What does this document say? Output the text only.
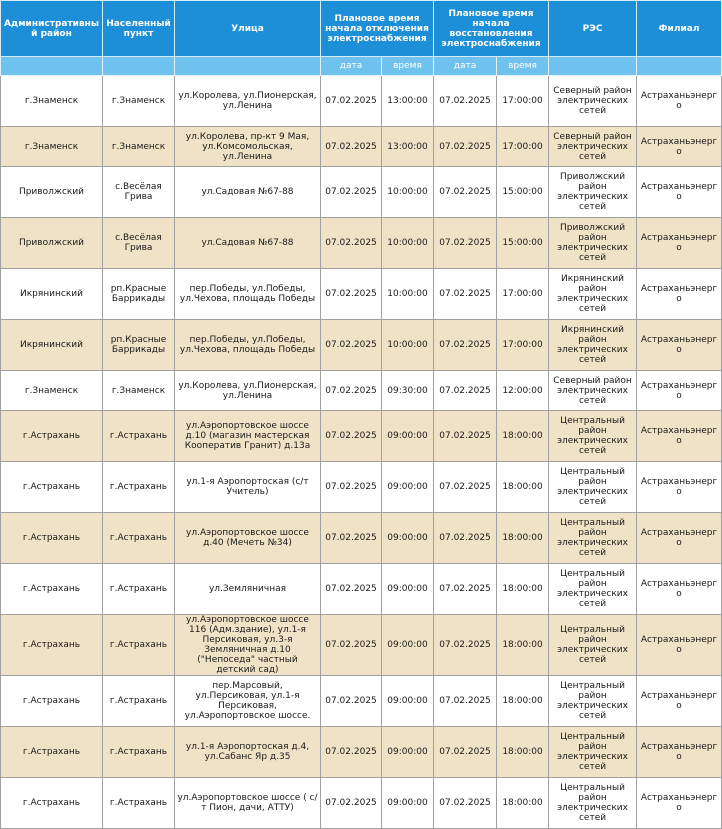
Административный район	Населенный пункт	Улица	Плановое время начала отключения электроснабжения		Плановое время начала восстановления электроснабжения		РЭС	Филиал
			дата	время	дата	время		
г.Знаменск	г.Знаменск	ул.Королева, ул.Пионерская, ул.Ленина	07.02.2025	13:00:00	07.02.2025	17:00:00	Северный район электрических сетей	Астраханьэнерго
г.Знаменск	г.Знаменск	ул.Королева, пр-кт 9 Мая, ул.Комсомольская, ул.Ленина	07.02.2025	13:00:00	07.02.2025	17:00:00	Северный район электрических сетей	Астраханьэнерго
Приволжский	с.Весёлая Грива	ул.Садовая №67-88	07.02.2025	10:00:00	07.02.2025	15:00:00	Приволжский район электрических сетей	Астраханьэнерго
Приволжский	с.Весёлая Грива	ул.Садовая №67-88	07.02.2025	10:00:00	07.02.2025	15:00:00	Приволжский район электрических сетей	Астраханьэнерго
Икрянинский	рп.Красные Баррикады	пер.Победы, ул.Победы, ул.Чехова, площадь Победы	07.02.2025	10:00:00	07.02.2025	17:00:00	Икрянинский район электрических сетей	Астраханьэнерго
Икрянинский	рп.Красные Баррикады	пер.Победы, ул.Победы, ул.Чехова, площадь Победы	07.02.2025	10:00:00	07.02.2025	17:00:00	Икрянинский район электрических сетей	Астраханьэнерго
г.Знаменск	г.Знаменск	ул.Королева, ул.Пионерская, ул.Ленина	07.02.2025	09:30:00	07.02.2025	12:00:00	Северный район электрических сетей	Астраханьэнерго
г.Астрахань	г.Астрахань	ул.Аэропортовское шоссе д.10 (магазин мастерская Кооператив Гранит) д.13а	07.02.2025	09:00:00	07.02.2025	18:00:00	Центральный район электрических сетей	Астраханьэнерго
г.Астрахань	г.Астрахань	ул.1-я Аэропортоская (с/т Учитель)	07.02.2025	09:00:00	07.02.2025	18:00:00	Центральный район электрических сетей	Астраханьэнерго
г.Астрахань	г.Астрахань	ул.Аэропортовское шоссе д.40 (Мечеть №34)	07.02.2025	09:00:00	07.02.2025	18:00:00	Центральный район электрических сетей	Астраханьэнерго
г.Астрахань	г.Астрахань	ул.Земляничная	07.02.2025	09:00:00	07.02.2025	18:00:00	Центральный район электрических сетей	Астраханьэнерго
г.Астрахань	г.Астрахань	ул.Аэропортовское шоссе 116 (Адм.здание), ул.1-я Персиковая, ул.3-я Земляничная д.10 ("Непоседа" частный детский сад)	07.02.2025	09:00:00	07.02.2025	18:00:00	Центральный район электрических сетей	Астраханьэнерго
г.Астрахань	г.Астрахань	пер.Марсовый, ул.Персиковая, ул.1-я Персиковая, ул.Аэропортовское шоссе.	07.02.2025	09:00:00	07.02.2025	18:00:00	Центральный район электрических сетей	Астраханьэнерго
г.Астрахань	г.Астрахань	ул.1-я Аэропортоская д.4, ул.Сабанс Яр д.35	07.02.2025	09:00:00	07.02.2025	18:00:00	Центральный район электрических сетей	Астраханьэнерго
г.Астрахань	г.Астрахань	ул.Аэропортовское шоссе ( с/т Пион, дачи, АТТУ)	07.02.2025	09:00:00	07.02.2025	18:00:00	Центральный район электрических сетей	Астраханьэнерго
